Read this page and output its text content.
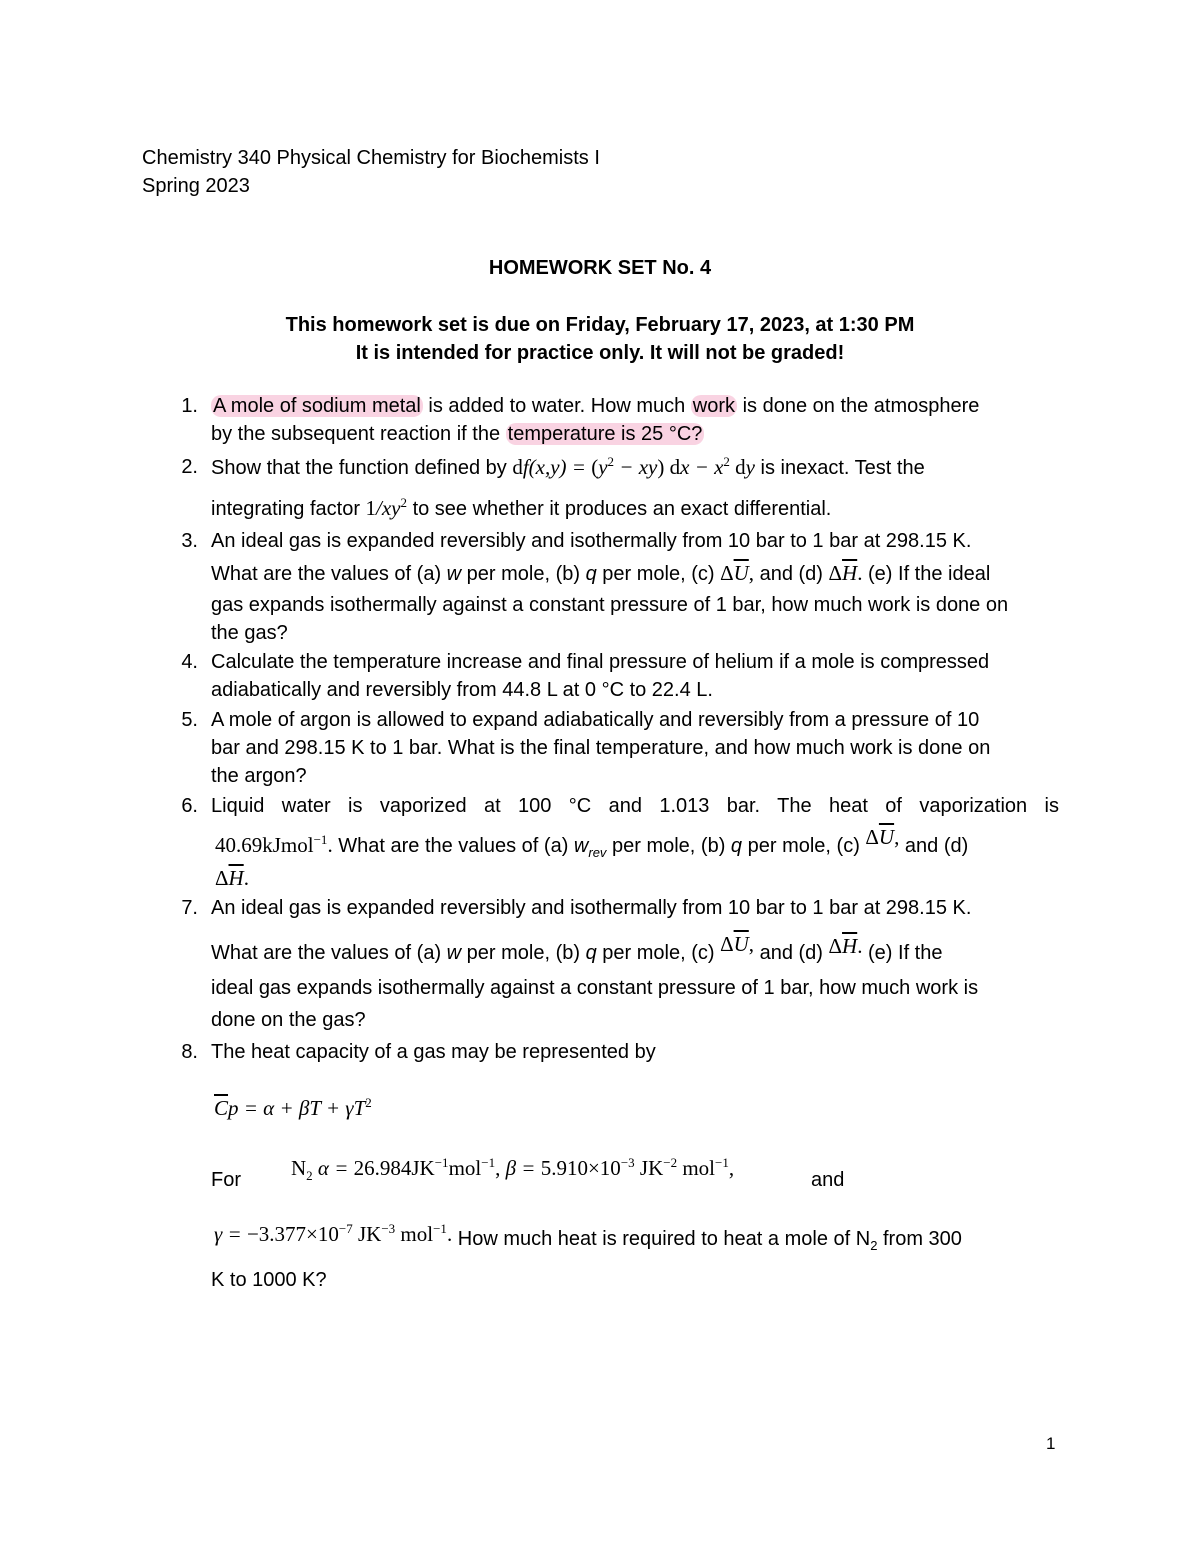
Chemistry 340 Physical Chemistry for Biochemists I
Spring 2023
HOMEWORK SET No. 4
This homework set is due on Friday, February 17, 2023, at 1:30 PM
It is intended for practice only. It will not be graded!
1. A mole of sodium metal is added to water. How much work is done on the atmosphere
by the subsequent reaction if the temperature is 25 °C?
2. Show that the function defined by $df(x,y) = (y^2 - xy)$ dx − $x^2$ dy is inexact. Test the
integrating factor $1/xy^2$ to see whether it produces an exact differential.
3. An ideal gas is expanded reversibly and isothermally from 10 bar to 1 bar at 298.15 K.
What are the values of (a) w per mole, (b) q per mole, (c) $\Delta\overline{U}$, and (d) $\Delta\overline{H}$. (e) If the ideal
gas expands isothermally against a constant pressure of 1 bar, how much work is done on
the gas?
4. Calculate the temperature increase and final pressure of helium if a mole is compressed
adiabatically and reversibly from 44.8 L at 0 °C to 22.4 L.
5. A mole of argon is allowed to expand adiabatically and reversibly from a pressure of 10
bar and 298.15 K to 1 bar. What is the final temperature, and how much work is done on
the argon?
6. Liquid water is vaporized at 100 °C and 1.013 bar. The heat of vaporization is
40.69kJmol$^{-1}$. What are the values of (a) $w_{rev}$ per mole, (b) q per mole, (c) $\Delta\overline{U}$, and (d)
$\Delta\overline{H}$.
7. An ideal gas is expanded reversibly and isothermally from 10 bar to 1 bar at 298.15 K.
What are the values of (a) w per mole, (b) q per mole, (c) $\Delta\overline{U}$, and (d) $\Delta\overline{H}$. (e) If the
ideal gas expands isothermally against a constant pressure of 1 bar, how much work is
done on the gas?
8. The heat capacity of a gas may be represented by
$\overline{C}p = \alpha + \beta T + \gamma T^2$
For $N_2$ $\alpha = 26.984JK^{-1}mol^{-1}$, $\beta = 5.910\times 10^{-3}$ $JK^{-2}$ mol$^{-1}$,	and
$\gamma = -3.377\times 10^{-7}$ $JK^{-3}$ mol$^{-1}$. How much heat is required to heat a mole of $N_2$ from 300
K to 1000 K?
1
